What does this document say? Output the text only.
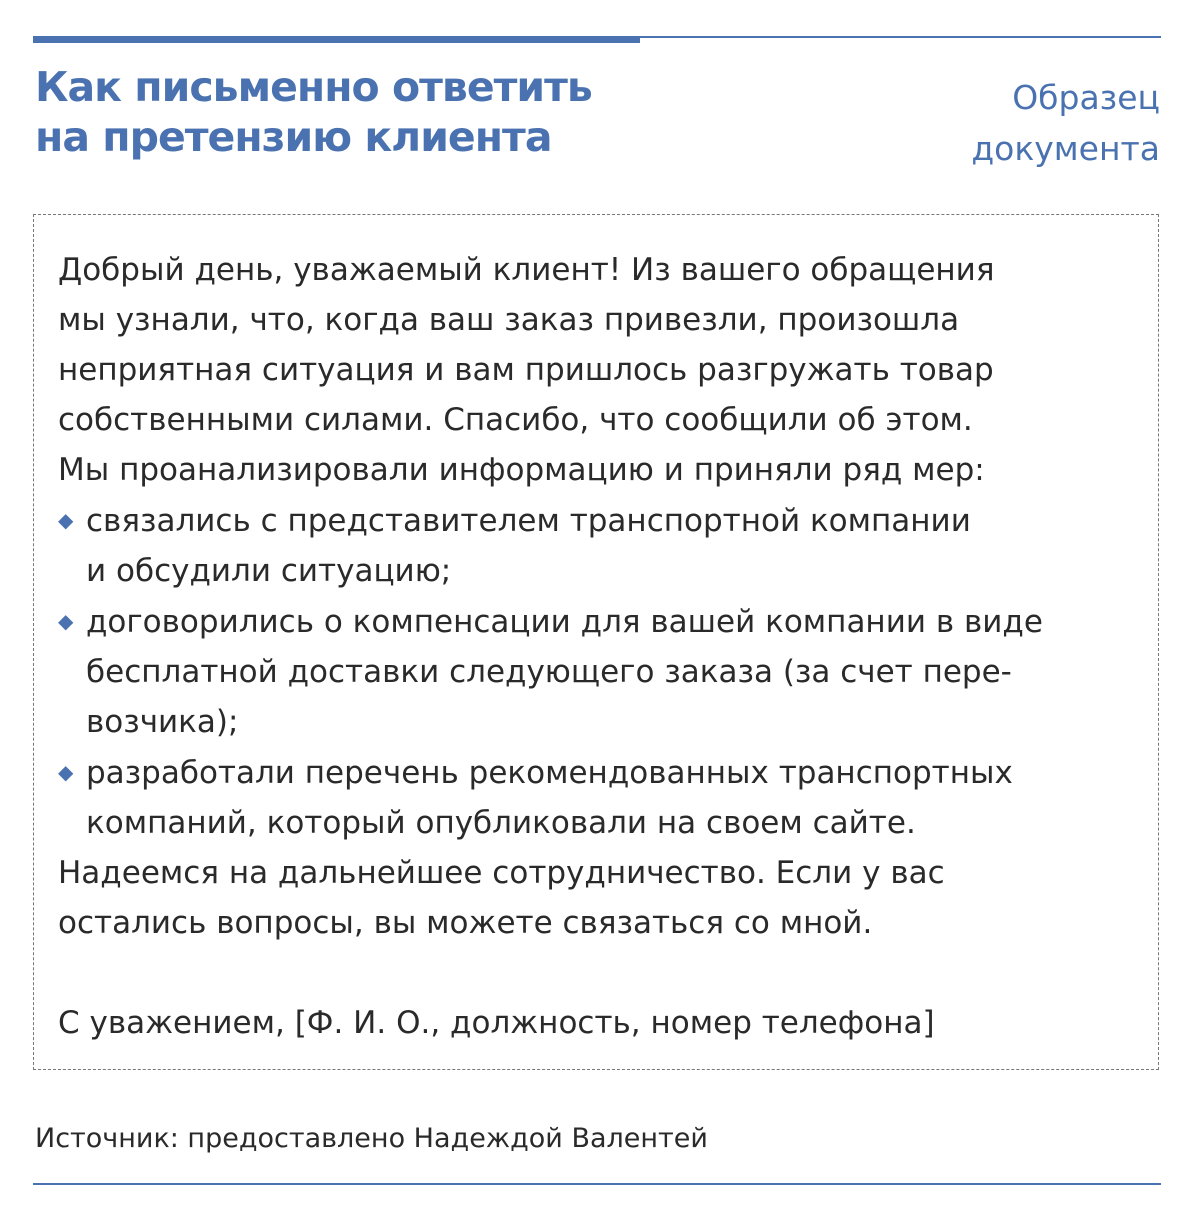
Как письменно ответить
на претензию клиента
Образец
документа
Добрый день, уважаемый клиент! Из вашего обращения
мы узнали, что, когда ваш заказ привезли, произошла
неприятная ситуация и вам пришлось разгружать товар
собственными силами. Спасибо, что сообщили об этом.
Мы проанализировали информацию и приняли ряд мер:
◆ связались с представителем транспортной компании
и обсудили ситуацию;
◆ договорились о компенсации для вашей компании в виде
бесплатной доставки следующего заказа (за счет пере-
возчика);
◆ разработали перечень рекомендованных транспортных
компаний, который опубликовали на своем сайте.
Надеемся на дальнейшее сотрудничество. Если у вас
остались вопросы, вы можете связаться со мной.
С уважением, [Ф. И. О., должность, номер телефона]
Источник: предоставлено Надеждой Валентей
